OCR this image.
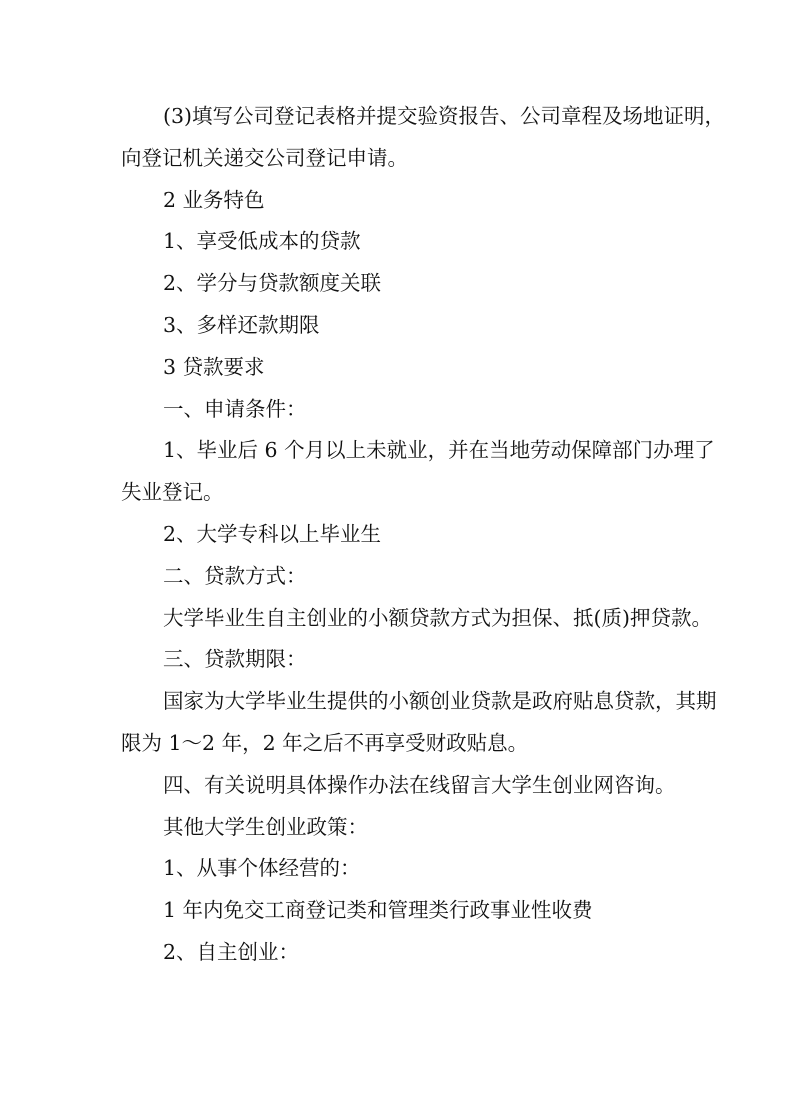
(3)填写公司登记表格并提交验资报告、公司章程及场地证明，
向登记机关递交公司登记申请。
2 业务特色
1、享受低成本的贷款
2、学分与贷款额度关联
3、多样还款期限
3 贷款要求
一、申请条件：
1、毕业后 6 个月以上未就业，并在当地劳动保障部门办理了
失业登记。
2、大学专科以上毕业生
二、贷款方式：
大学毕业生自主创业的小额贷款方式为担保、抵(质)押贷款。
三、贷款期限：
国家为大学毕业生提供的小额创业贷款是政府贴息贷款，其期
限为 1～2 年，2 年之后不再享受财政贴息。
四、有关说明具体操作办法在线留言大学生创业网咨询。
其他大学生创业政策：
1、从事个体经营的：
1 年内免交工商登记类和管理类行政事业性收费
2、自主创业：
